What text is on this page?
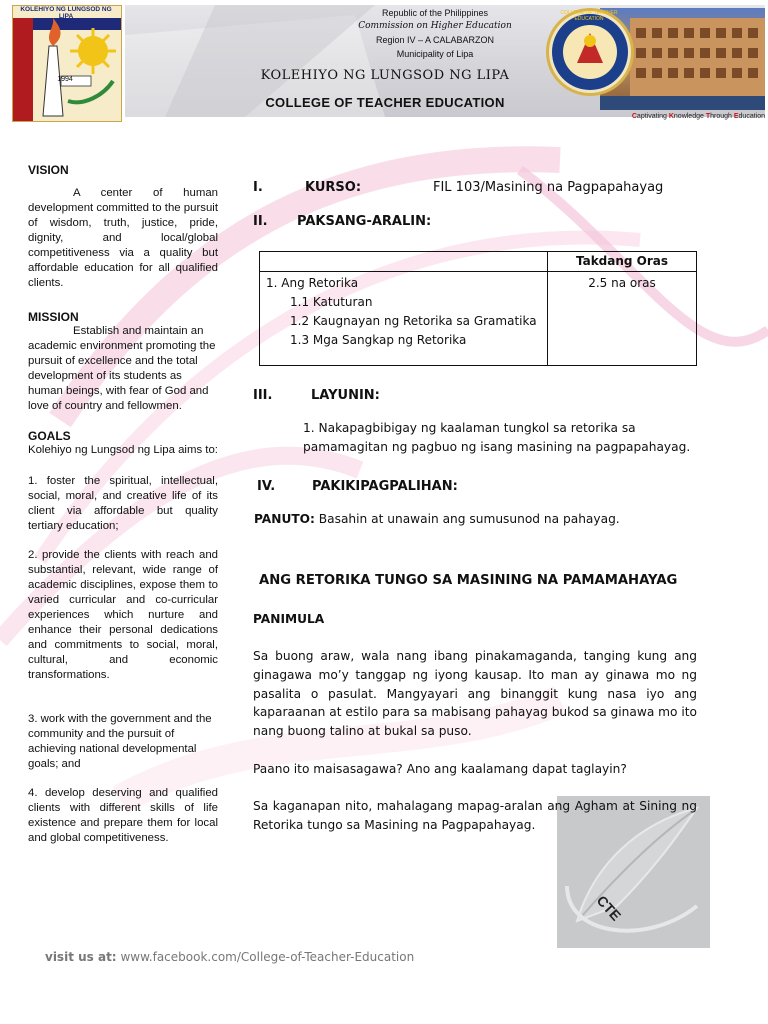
KOLEHIYO NG LUNGSOD NG LIPA
1994
Republic of the Philippines
Commission on Higher Education
Region IV – A CALABARZON
Municipality of Lipa
KOLEHIYO NG LUNGSOD NG LIPA
COLLEGE OF TEACHER EDUCATION
COLLEGE OF TEACHER EDUCATION
Captivating Knowledge Through Education
VISION
A center of human development committed to the pursuit of wisdom, truth, justice, pride, dignity, and local/global competitiveness via a quality but affordable education for all qualified clients.
MISSION
Establish and maintain an academic environment promoting the pursuit of excellence and the total development of its students as human beings, with fear of God and love of country and fellowmen.
GOALS
Kolehiyo ng Lungsod ng Lipa aims to:
1. foster the spiritual, intellectual, social, moral, and creative life of its client via affordable but quality tertiary education;
2. provide the clients with reach and substantial, relevant, wide range of academic disciplines, expose them to varied curricular and co-curricular experiences which nurture and enhance their personal dedications and commitments to social, moral, cultural, and economic transformations.
3. work with the government and the community and the pursuit of achieving national developmental goals; and
4. develop deserving and qualified clients with different skills of life existence and prepare them for local and global competitiveness.
I.	KURSO:	FIL 103/Masining na Pagpapahayag
II. PAKSANG-ARALIN:
	Takdang Oras

1. Ang Retorika
1.1 Katuturan
1.2 Kaugnayan ng Retorika sa Gramatika
1.3 Mga Sangkap ng Retorika	2.5 na oras
III.	LAYUNIN:
1. Nakapagbibigay ng kaalaman tungkol sa retorika sa pamamagitan ng pagbuo ng isang masining na pagpapahayag.
IV.	PAKIKIPAGPALIHAN:
PANUTO: Basahin at unawain ang sumusunod na pahayag.
CTE
ANG RETORIKA TUNGO SA MASINING NA PAMAMAHAYAG
PANIMULA
Sa buong araw, wala nang ibang pinakamaganda, tanging kung ang ginagawa mo’y tanggap ng iyong kausap. Ito man ay ginawa mo ng pasalita o pasulat. Mangyayari ang binanggit kung nasa iyo ang kaparaanan at estilo para sa mabisang pahayag bukod sa ginawa mo ito nang buong talino at bukal sa puso.
Paano ito maisasagawa? Ano ang kaalamang dapat taglayin?
Sa kaganapan nito, mahalagang mapag-aralan ang Agham at Sining ng Retorika tungo sa Masining na Pagpapahayag.
visit us at: www.facebook.com/College-of-Teacher-Education
